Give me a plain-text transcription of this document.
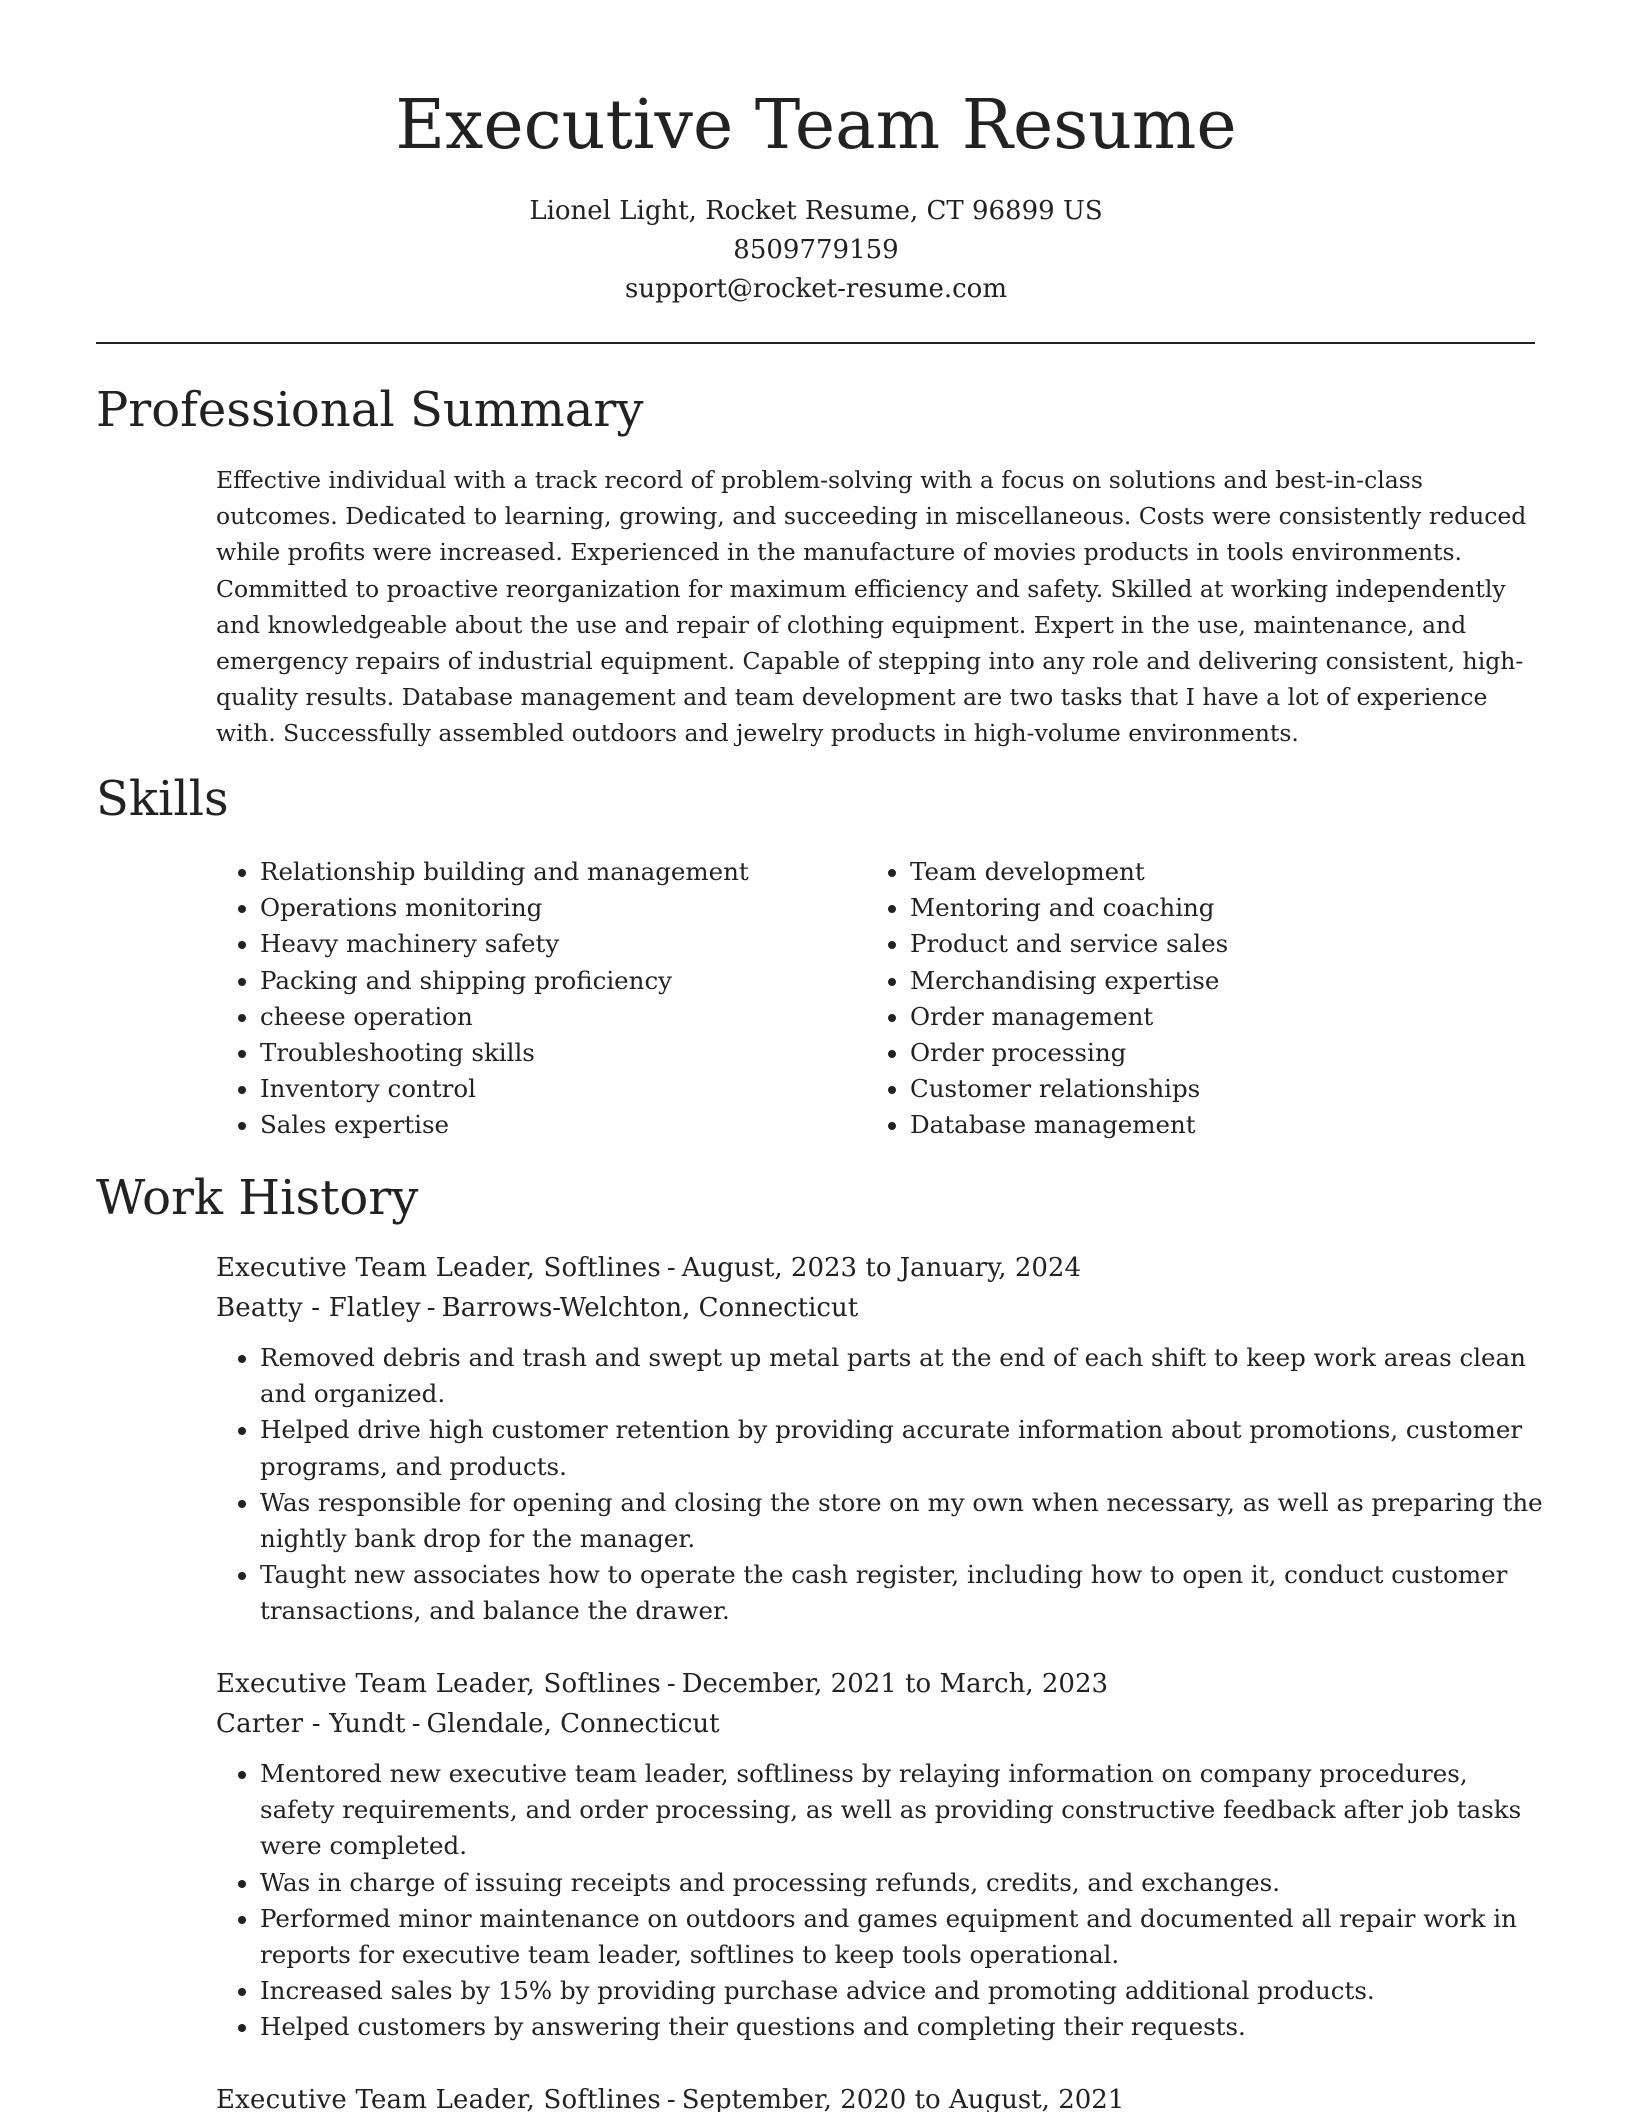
Executive Team Resume
Lionel Light, Rocket Resume, CT 96899 US
8509779159
support@rocket-resume.com
Professional Summary

Effective individual with a track record of problem-solving with a focus on solutions and best-in-class outcomes. Dedicated to learning, growing, and succeeding in miscellaneous. Costs were consistently reduced while profits were increased. Experienced in the manufacture of movies products in tools environments. Committed to proactive reorganization for maximum efficiency and safety. Skilled at working independently and knowledgeable about the use and repair of clothing equipment. Expert in the use, maintenance, and emergency repairs of industrial equipment. Capable of stepping into any role and delivering consistent, high-quality results. Database management and team development are two tasks that I have a lot of experience with. Successfully assembled outdoors and jewelry products in high-volume environments.

Skills
• Relationship building and management
• Operations monitoring
• Heavy machinery safety
• Packing and shipping proficiency
• cheese operation
• Troubleshooting skills
• Inventory control
• Sales expertise
• Team development
• Mentoring and coaching
• Product and service sales
• Merchandising expertise
• Order management
• Order processing
• Customer relationships
• Database management
Work History
Executive Team Leader, Softlines - August, 2023 to January, 2024
Beatty - Flatley - Barrows-Welchton, Connecticut
• Removed debris and trash and swept up metal parts at the end of each shift to keep work areas clean and organized.
• Helped drive high customer retention by providing accurate information about promotions, customer programs, and products.
• Was responsible for opening and closing the store on my own when necessary, as well as preparing the nightly bank drop for the manager.
• Taught new associates how to operate the cash register, including how to open it, conduct customer transactions, and balance the drawer.
Executive Team Leader, Softlines - December, 2021 to March, 2023
Carter - Yundt - Glendale, Connecticut
• Mentored new executive team leader, softliness by relaying information on company procedures, safety requirements, and order processing, as well as providing constructive feedback after job tasks were completed.
• Was in charge of issuing receipts and processing refunds, credits, and exchanges.
• Performed minor maintenance on outdoors and games equipment and documented all repair work in reports for executive team leader, softlines to keep tools operational.
• Increased sales by 15% by providing purchase advice and promoting additional products.
• Helped customers by answering their questions and completing their requests.
Executive Team Leader, Softlines - September, 2020 to August, 2021
